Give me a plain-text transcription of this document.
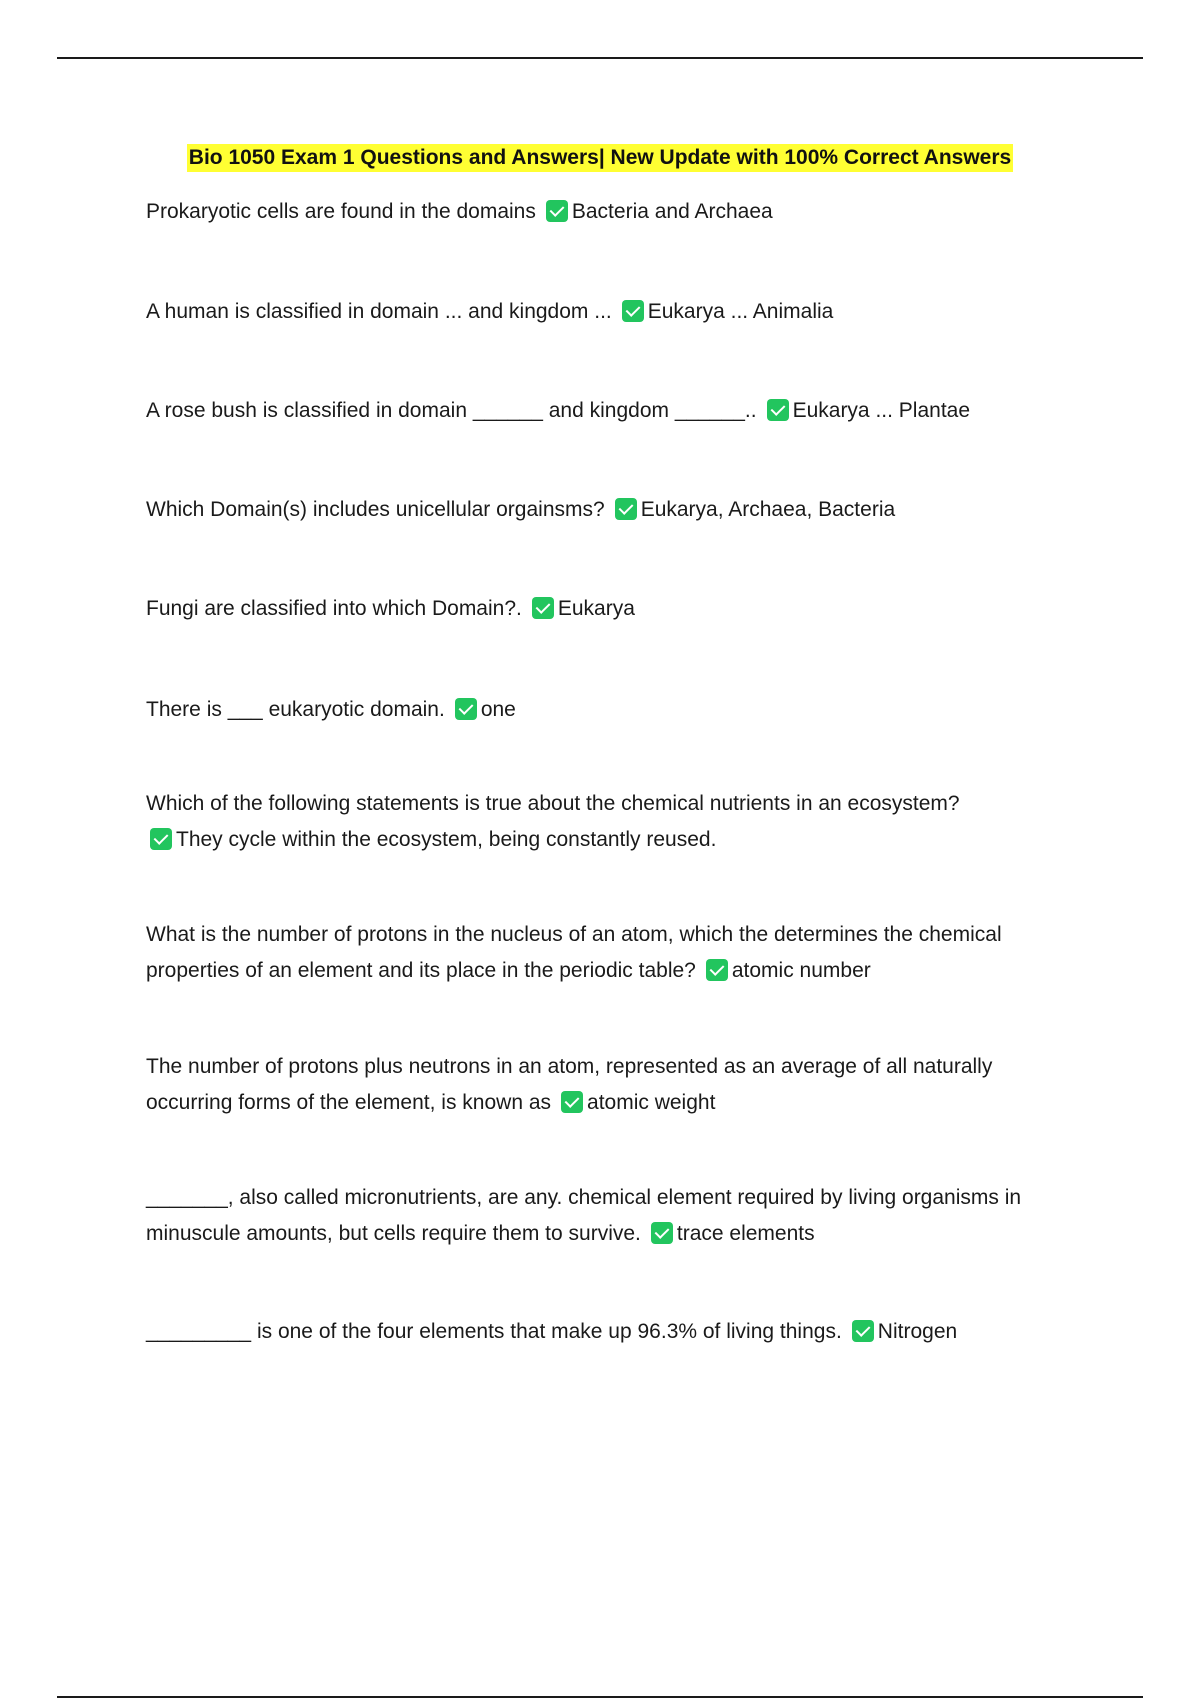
Bio 1050 Exam 1 Questions and Answers| New Update with 100% Correct Answers
Prokaryotic cells are found in the domains Bacteria and Archaea
A human is classified in domain ... and kingdom ... Eukarya ... Animalia
A rose bush is classified in domain ______ and kingdom ______.. Eukarya ... Plantae
Which Domain(s) includes unicellular orgainsms? Eukarya, Archaea, Bacteria
Fungi are classified into which Domain?. Eukarya
There is ___ eukaryotic domain. one
Which of the following statements is true about the chemical nutrients in an ecosystem?
They cycle within the ecosystem, being constantly reused.
What is the number of protons in the nucleus of an atom, which the determines the chemical properties of an element and its place in the periodic table? atomic number
The number of protons plus neutrons in an atom, represented as an average of all naturally occurring forms of the element, is known as atomic weight
_______, also called micronutrients, are any. chemical element required by living organisms in minuscule amounts, but cells require them to survive. trace elements
_________ is one of the four elements that make up 96.3% of living things. Nitrogen
